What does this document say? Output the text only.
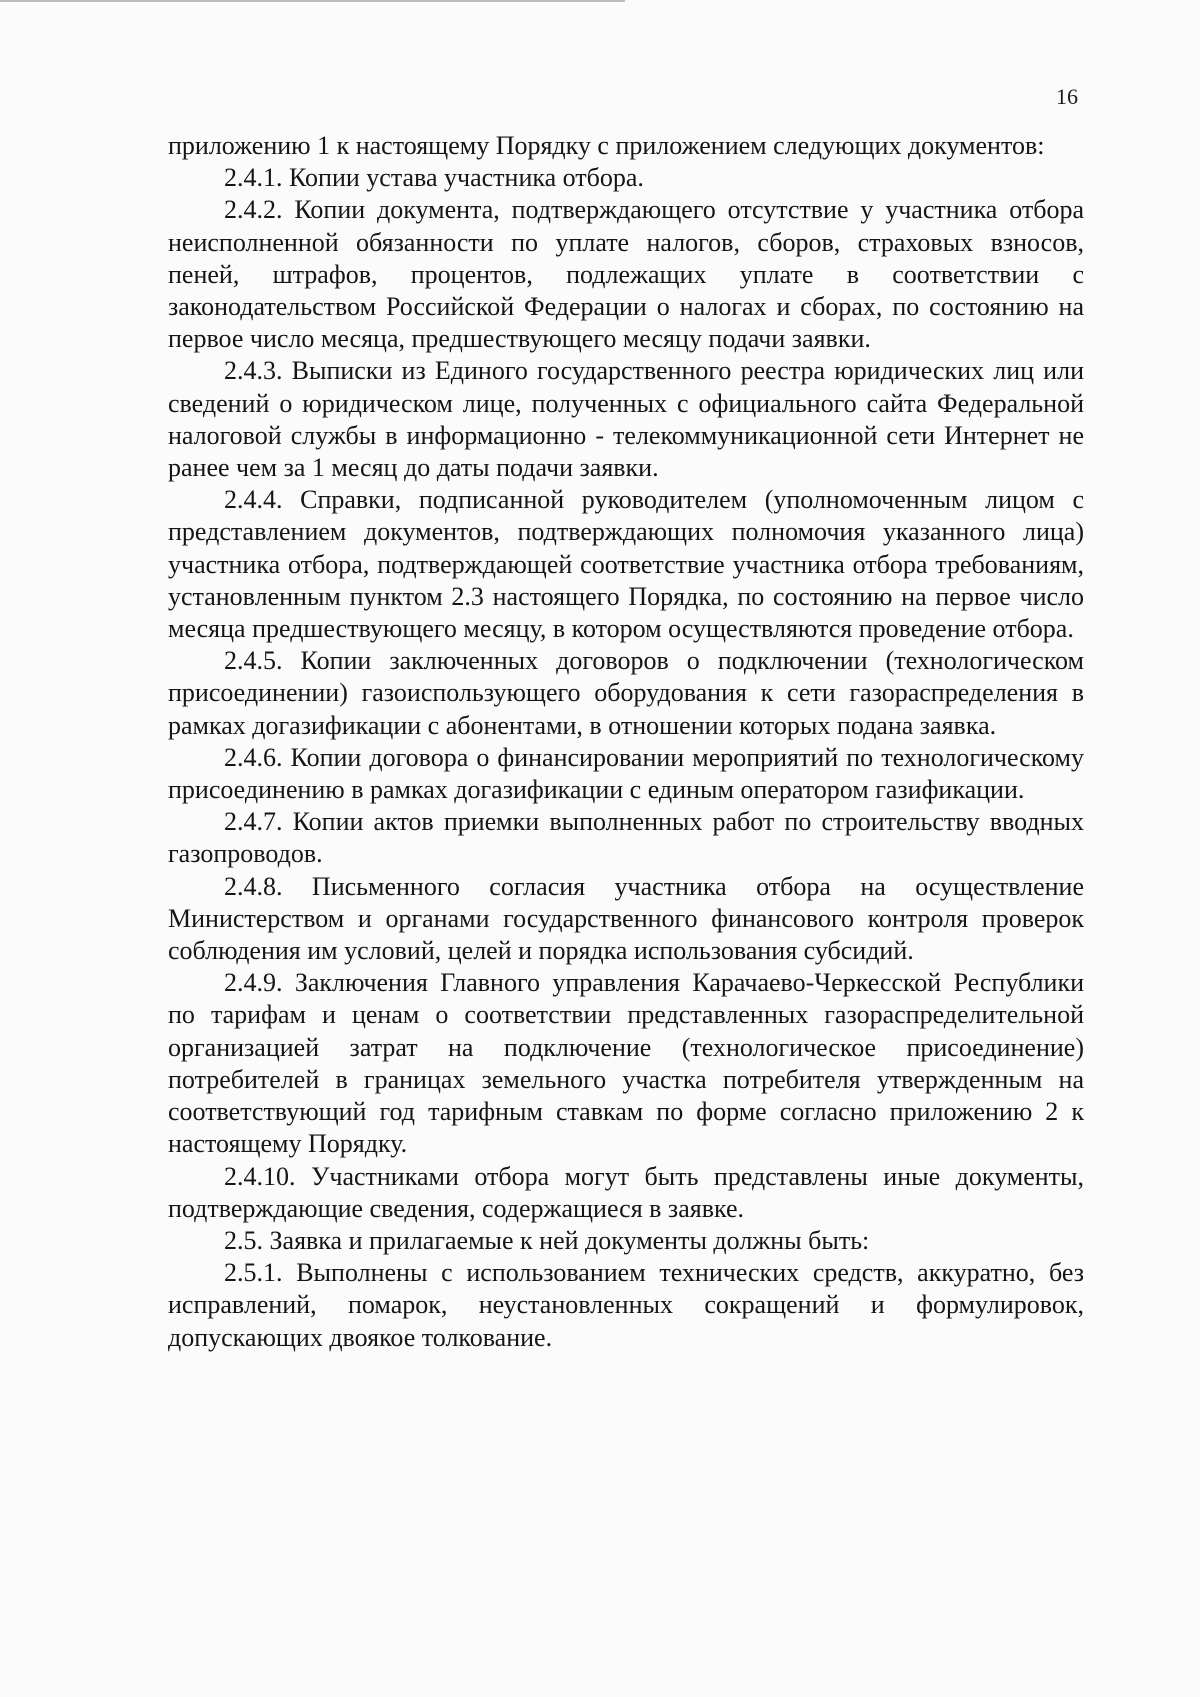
16

приложению 1 к настоящему Порядку с приложением следующих документов:

2.4.1. Копии устава участника отбора.

2.4.2. Копии документа, подтверждающего отсутствие у участника отбора неисполненной обязанности по уплате налогов, сборов, страховых взносов, пеней, штрафов, процентов, подлежащих уплате в соответствии с законодательством Российской Федерации о налогах и сборах, по состоянию на первое число месяца, предшествующего месяцу подачи заявки.

2.4.3. Выписки из Единого государственного реестра юридических лиц или сведений о юридическом лице, полученных с официального сайта Федеральной налоговой службы в информационно - телекоммуникационной сети Интернет не ранее чем за 1 месяц до даты подачи заявки.

2.4.4. Справки, подписанной руководителем (уполномоченным лицом с представлением документов, подтверждающих полномочия указанного лица) участника отбора, подтверждающей соответствие участника отбора требованиям, установленным пунктом 2.3 настоящего Порядка, по состоянию на первое число месяца предшествующего месяцу, в котором осуществляются проведение отбора.

2.4.5. Копии заключенных договоров о подключении (технологическом присоединении) газоиспользующего оборудования к сети газораспределения в рамках догазификации с абонентами, в отношении которых подана заявка.

2.4.6. Копии договора о финансировании мероприятий по технологическому присоединению в рамках догазификации с единым оператором газификации.

2.4.7. Копии актов приемки выполненных работ по строительству вводных газопроводов.

2.4.8. Письменного согласия участника отбора на осуществление Министерством и органами государственного финансового контроля проверок соблюдения им условий, целей и порядка использования субсидий.

2.4.9. Заключения Главного управления Карачаево-Черкесской Республики по тарифам и ценам о соответствии представленных газораспределительной организацией затрат на подключение (технологическое присоединение) потребителей в границах земельного участка потребителя утвержденным на соответствующий год тарифным ставкам по форме согласно приложению 2 к настоящему Порядку.

2.4.10. Участниками отбора могут быть представлены иные документы, подтверждающие сведения, содержащиеся в заявке.

2.5. Заявка и прилагаемые к ней документы должны быть:

2.5.1. Выполнены с использованием технических средств, аккуратно, без исправлений, помарок, неустановленных сокращений и формулировок, допускающих двоякое толкование.
